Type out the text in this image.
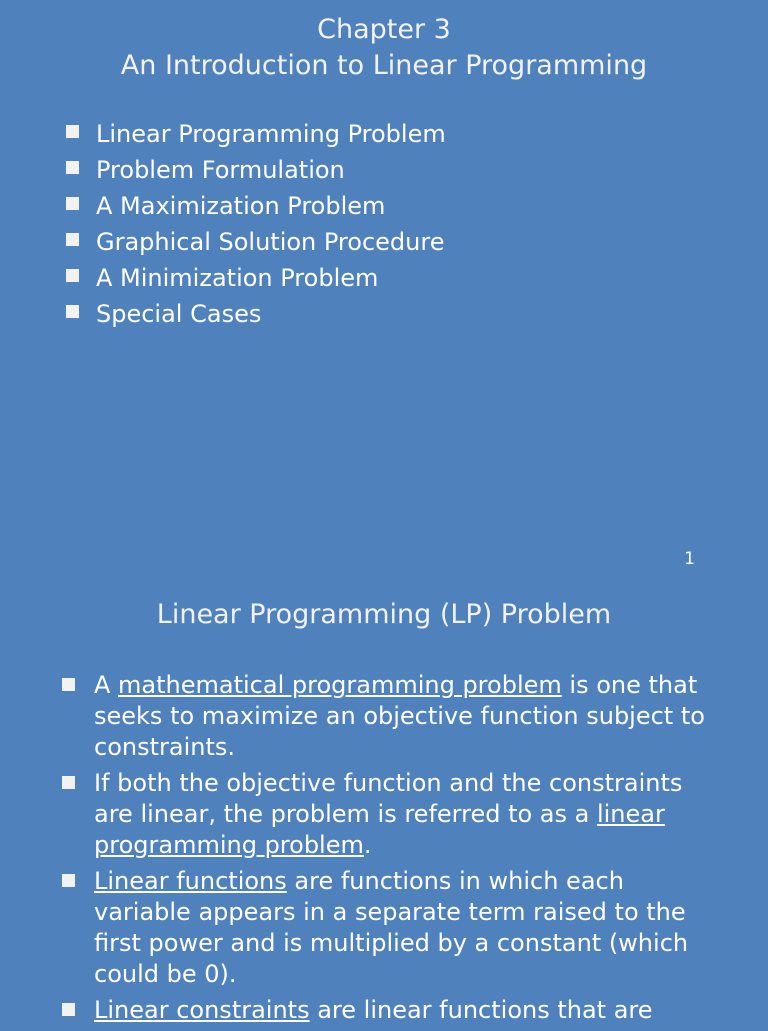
Chapter 3
An Introduction to Linear Programming
Linear Programming Problem
Problem Formulation
A Maximization Problem
Graphical Solution Procedure
A Minimization Problem
Special Cases
1
Linear Programming (LP) Problem
A mathematical programming problem is one that seeks to maximize an objective function subject to constraints.
If both the objective function and the constraints are linear, the problem is referred to as a linear programming problem.
Linear functions are functions in which each variable appears in a separate term raised to the first power and is multiplied by a constant (which could be 0).
Linear constraints are linear functions that are
